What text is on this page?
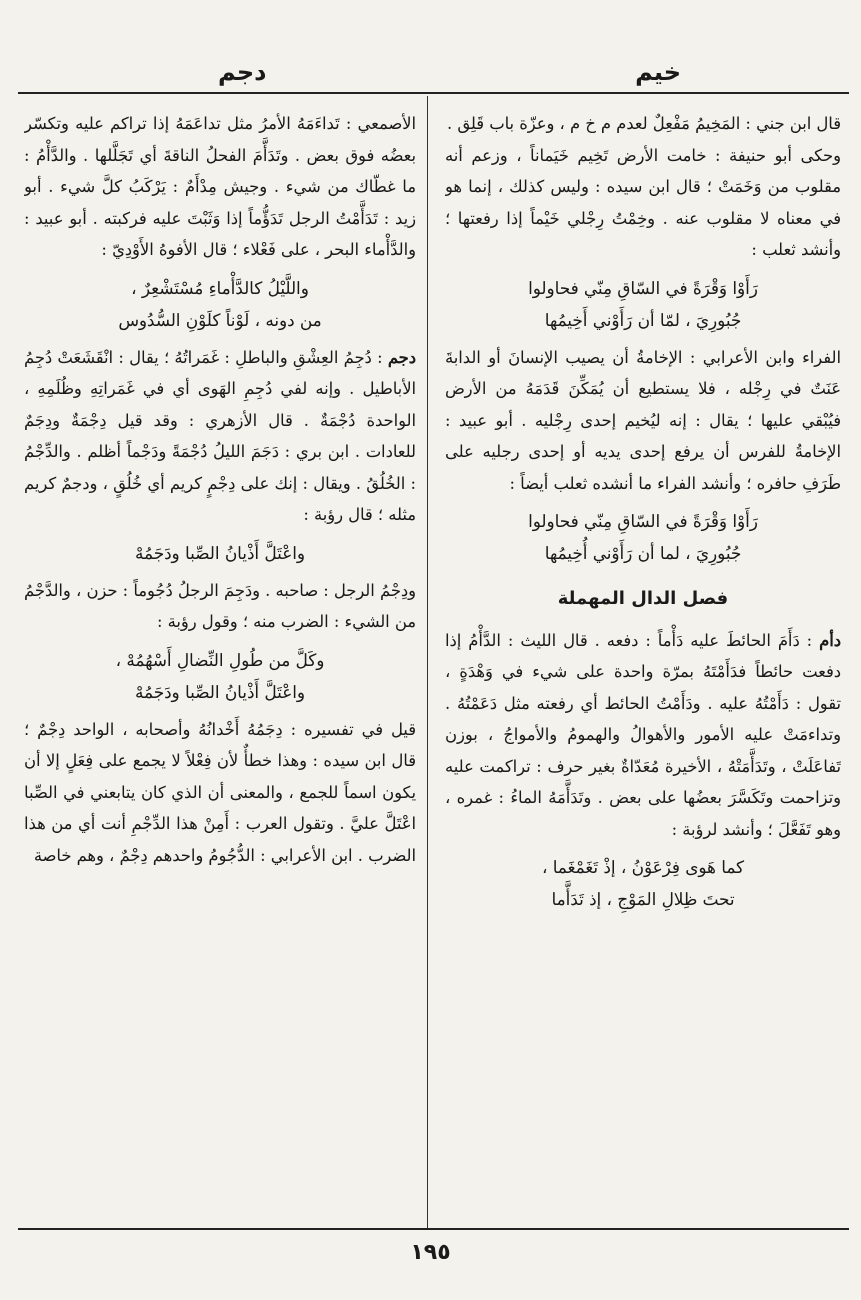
خيم
دجم

قال ابن جني : المَخِيمُ مَفْعِلٌ لعدم م خ م ، وعزّة باب قَلِق .

وحكى أبو حنيفة : خامت الأرض تَخِيم خَيَماناً ، وزعم أنه مقلوب من وَخَمَتْ ؛ قال ابن سيده : وليس كذلك ، إنما هو في معناه لا مقلوب عنه . وخِمْتُ رِجْلي خَيْماً إذا رفعتها ؛ وأنشد ثعلب :

رَأَوْا وَقْرَةً في السّاقِ مِنّي فحاولوا
جُبُورِيَ ، لمّا أن رَأَوْني أَخِيمُها

الفراء وابن الأعرابي : الإخامةُ أن يصيب الإنسانَ أو الدابةَ عَنَتٌ في رِجْله ، فلا يستطيع أن يُمَكِّنَ قَدَمَهُ من الأرض فيُبْقي عليها ؛ يقال : إنه ليُخيم إحدى رِجْليه . أبو عبيد : الإخامةُ للفرس أن يرفع إحدى يديه أو إحدى رجليه على طَرَفِ حافره ؛ وأنشد الفراء ما أنشده ثعلب أيضاً :

رَأَوْا وَقْرَةً في السّاقِ مِنّي فحاولوا
جُبُورِيَ ، لما أن رَأَوْني أُخِيمُها
فصل الدال المهملة

دأم : دَأَمَ الحائطَ عليه دَأْماً : دفعه . قال الليث : الدَّأْمُ إذا دفعت حائطاً فدَأَمْتَهُ بمرّة واحدة على شيء في وَهْدَةٍ ، تقول : دَأَمْتُهُ عليه . ودَأَمْتُ الحائط أي رفعته مثل دَعَمْتُهُ . وتداءمَتْ عليه الأمور والأهوالُ والهمومُ والأمواجُ ، بوزن تَفاعَلَتْ ، وتَدَأَّمَتْهُ ، الأخيرة مُعَدّاةٌ بغير حرف : تراكمت عليه وتزاحمت وتَكَسَّرَ بعضُها على بعض . وتَدَأَّمَهُ الماءُ : غمره ، وهو تَفَعَّلَ ؛ وأنشد لرؤبة :

كما هَوى فِرْعَوْنُ ، إذْ تَغَمْغَما ،
تحتَ ظِلالِ المَوْجِ ، إذ تَدَأَّما

الأصمعي : تَداءَمَهُ الأمرُ مثل تداعَمَهُ إذا تراكم عليه وتكسّر بعضُه فوق بعض . وتَدَأَّمَ الفحلُ الناقةَ أي تَجَلَّلها . والدَّأْمُ : ما غطّاك من شيء . وجيش مِدْأَمٌ : يَرْكَبُ كلَّ شيء . أبو زيد : تَدَأَّمْتُ الرجل تَدَؤُّماً إذا وَثَبْتَ عليه فركبته . أبو عبيد : والدَّأْماء البحر ، على فَعْلاء ؛ قال الأفوهُ الأَوْدِيّ :

واللَّيْلُ كالدَّأْماءِ مُسْتَشْعِرٌ ،
من دونه ، لَوْناً كلَوْنِ السُّدُوس

دجم : دُجِمُ العِشْقِ والباطلِ : غَمَراتُهُ ؛ يقال : انْقَشَعَتْ دُجِمُ الأباطيل . وإنه لفي دُجِمِ الهَوى أي في غَمَراتِهِ وظُلَمِهِ ، الواحدة دُجْمَةٌ . قال الأزهري : وقد قيل دِجْمَةٌ ودِجَمٌ للعادات . ابن بري : دَجَمَ الليلُ دُجْمَةً ودَجْماً أظلم . والدِّجْمُ : الخُلُقُ . ويقال : إنك على دِجْمٍ كريم أي خُلُقٍ ، ودجمٌ كريم مثله ؛ قال رؤبة :

واعْتَلَّ أَذْيانُ الصِّبا ودَجَمُهْ

ودِجْمُ الرجل : صاحبه . ودَجِمَ الرجلُ دُجُوماً : حزن ، والدَّجْمُ من الشيء : الضرب منه ؛ وقول رؤبة :

وكَلَّ من طُولِ النِّضالِ أَسْهُمُهْ ،
واعْتَلَّ أَذْيانُ الصِّبا ودَجَمُهْ

قيل في تفسيره : دِجَمُهُ أَخْدانُهُ وأصحابه ، الواحد دِجْمٌ ؛ قال ابن سيده : وهذا خطأٌ لأن فِعْلاً لا يجمع على فِعَلٍ إلا أن يكون اسماً للجمع ، والمعنى أن الذي كان يتابعني في الصِّبا اعْتَلَّ عليَّ . وتقول العرب : أَمِنْ هذا الدِّجْمِ أنت أي من هذا الضرب . ابن الأعرابي : الدُّجُومُ واحدهم دِجْمٌ ، وهم خاصة

١٩٥
